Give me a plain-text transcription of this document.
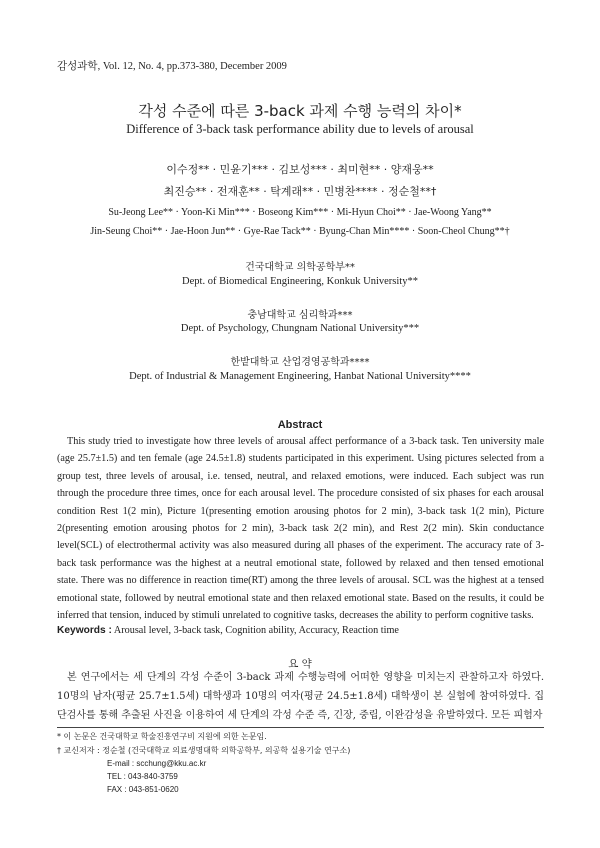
감성과학, Vol. 12, No. 4, pp.373-380, December 2009
각성 수준에 따른 3-back 과제 수행 능력의 차이*
Difference of 3-back task performance ability due to levels of arousal
이수정** · 민윤기*** · 김보성*** · 최미현** · 양재웅**
최진승** · 전재훈** · 탁계래** · 민병찬**** · 정순철**†
Su-Jeong Lee** · Yoon-Ki Min*** · Boseong Kim*** · Mi-Hyun Choi** · Jae-Woong Yang**
Jin-Seung Choi** · Jae-Hoon Jun** · Gye-Rae Tack** · Byung-Chan Min**** · Soon-Cheol Chung**†
건국대학교 의학공학부**
Dept. of Biomedical Engineering, Konkuk University**
충남대학교 심리학과***
Dept. of Psychology, Chungnam National University***
한밭대학교 산업경영공학과****
Dept. of Industrial & Management Engineering, Hanbat National University****
Abstract
This study tried to investigate how three levels of arousal affect performance of a 3-back task. Ten university male (age 25.7±1.5) and ten female (age 24.5±1.8) students participated in this experiment. Using pictures selected from a group test, three levels of arousal, i.e. tensed, neutral, and relaxed emotions, were induced. Each subject was run through the procedure three times, once for each arousal level. The procedure consisted of six phases for each arousal condition Rest 1(2 min), Picture 1(presenting emotion arousing photos for 2 min), 3-back task 1(2 min), Picture 2(presenting emotion arousing photos for 2 min), 3-back task 2(2 min), and Rest 2(2 min). Skin conductance level(SCL) of electrothermal activity was also measured during all phases of the experiment. The accuracy rate of 3-back task performance was the highest at a neutral emotional state, followed by relaxed and then tensed emotional state. There was no difference in reaction time(RT) among the three levels of arousal. SCL was the highest at a tensed emotional state, followed by neutral emotional state and then relaxed emotional state. Based on the results, it could be inferred that tension, induced by stimuli unrelated to cognitive tasks, decreases the ability to perform cognitive tasks.
Keywords : Arousal level, 3-back task, Cognition ability, Accuracy, Reaction time
요 약
본 연구에서는 세 단계의 각성 수준이 3-back 과제 수행능력에 어떠한 영향을 미치는지 관찰하고자 하였다. 10명의 남자(평균 25.7±1.5세) 대학생과 10명의 여자(평균 24.5±1.8세) 대학생이 본 실험에 참여하였다. 집단검사를 통해 추출된 사진을 이용하여 세 단계의 각성 수준 즉, 긴장, 중립, 이완감성을 유발하였다. 모든 피험자
* 이 논문은 건국대학교 학술진흥연구비 지원에 의한 논문임.
† 교신저자 : 정순철 (건국대학교 의료생명대학 의학공학부, 의공학 실용기술 연구소)
E-mail : scchung@kku.ac.kr
TEL : 043-840-3759
FAX : 043-851-0620
